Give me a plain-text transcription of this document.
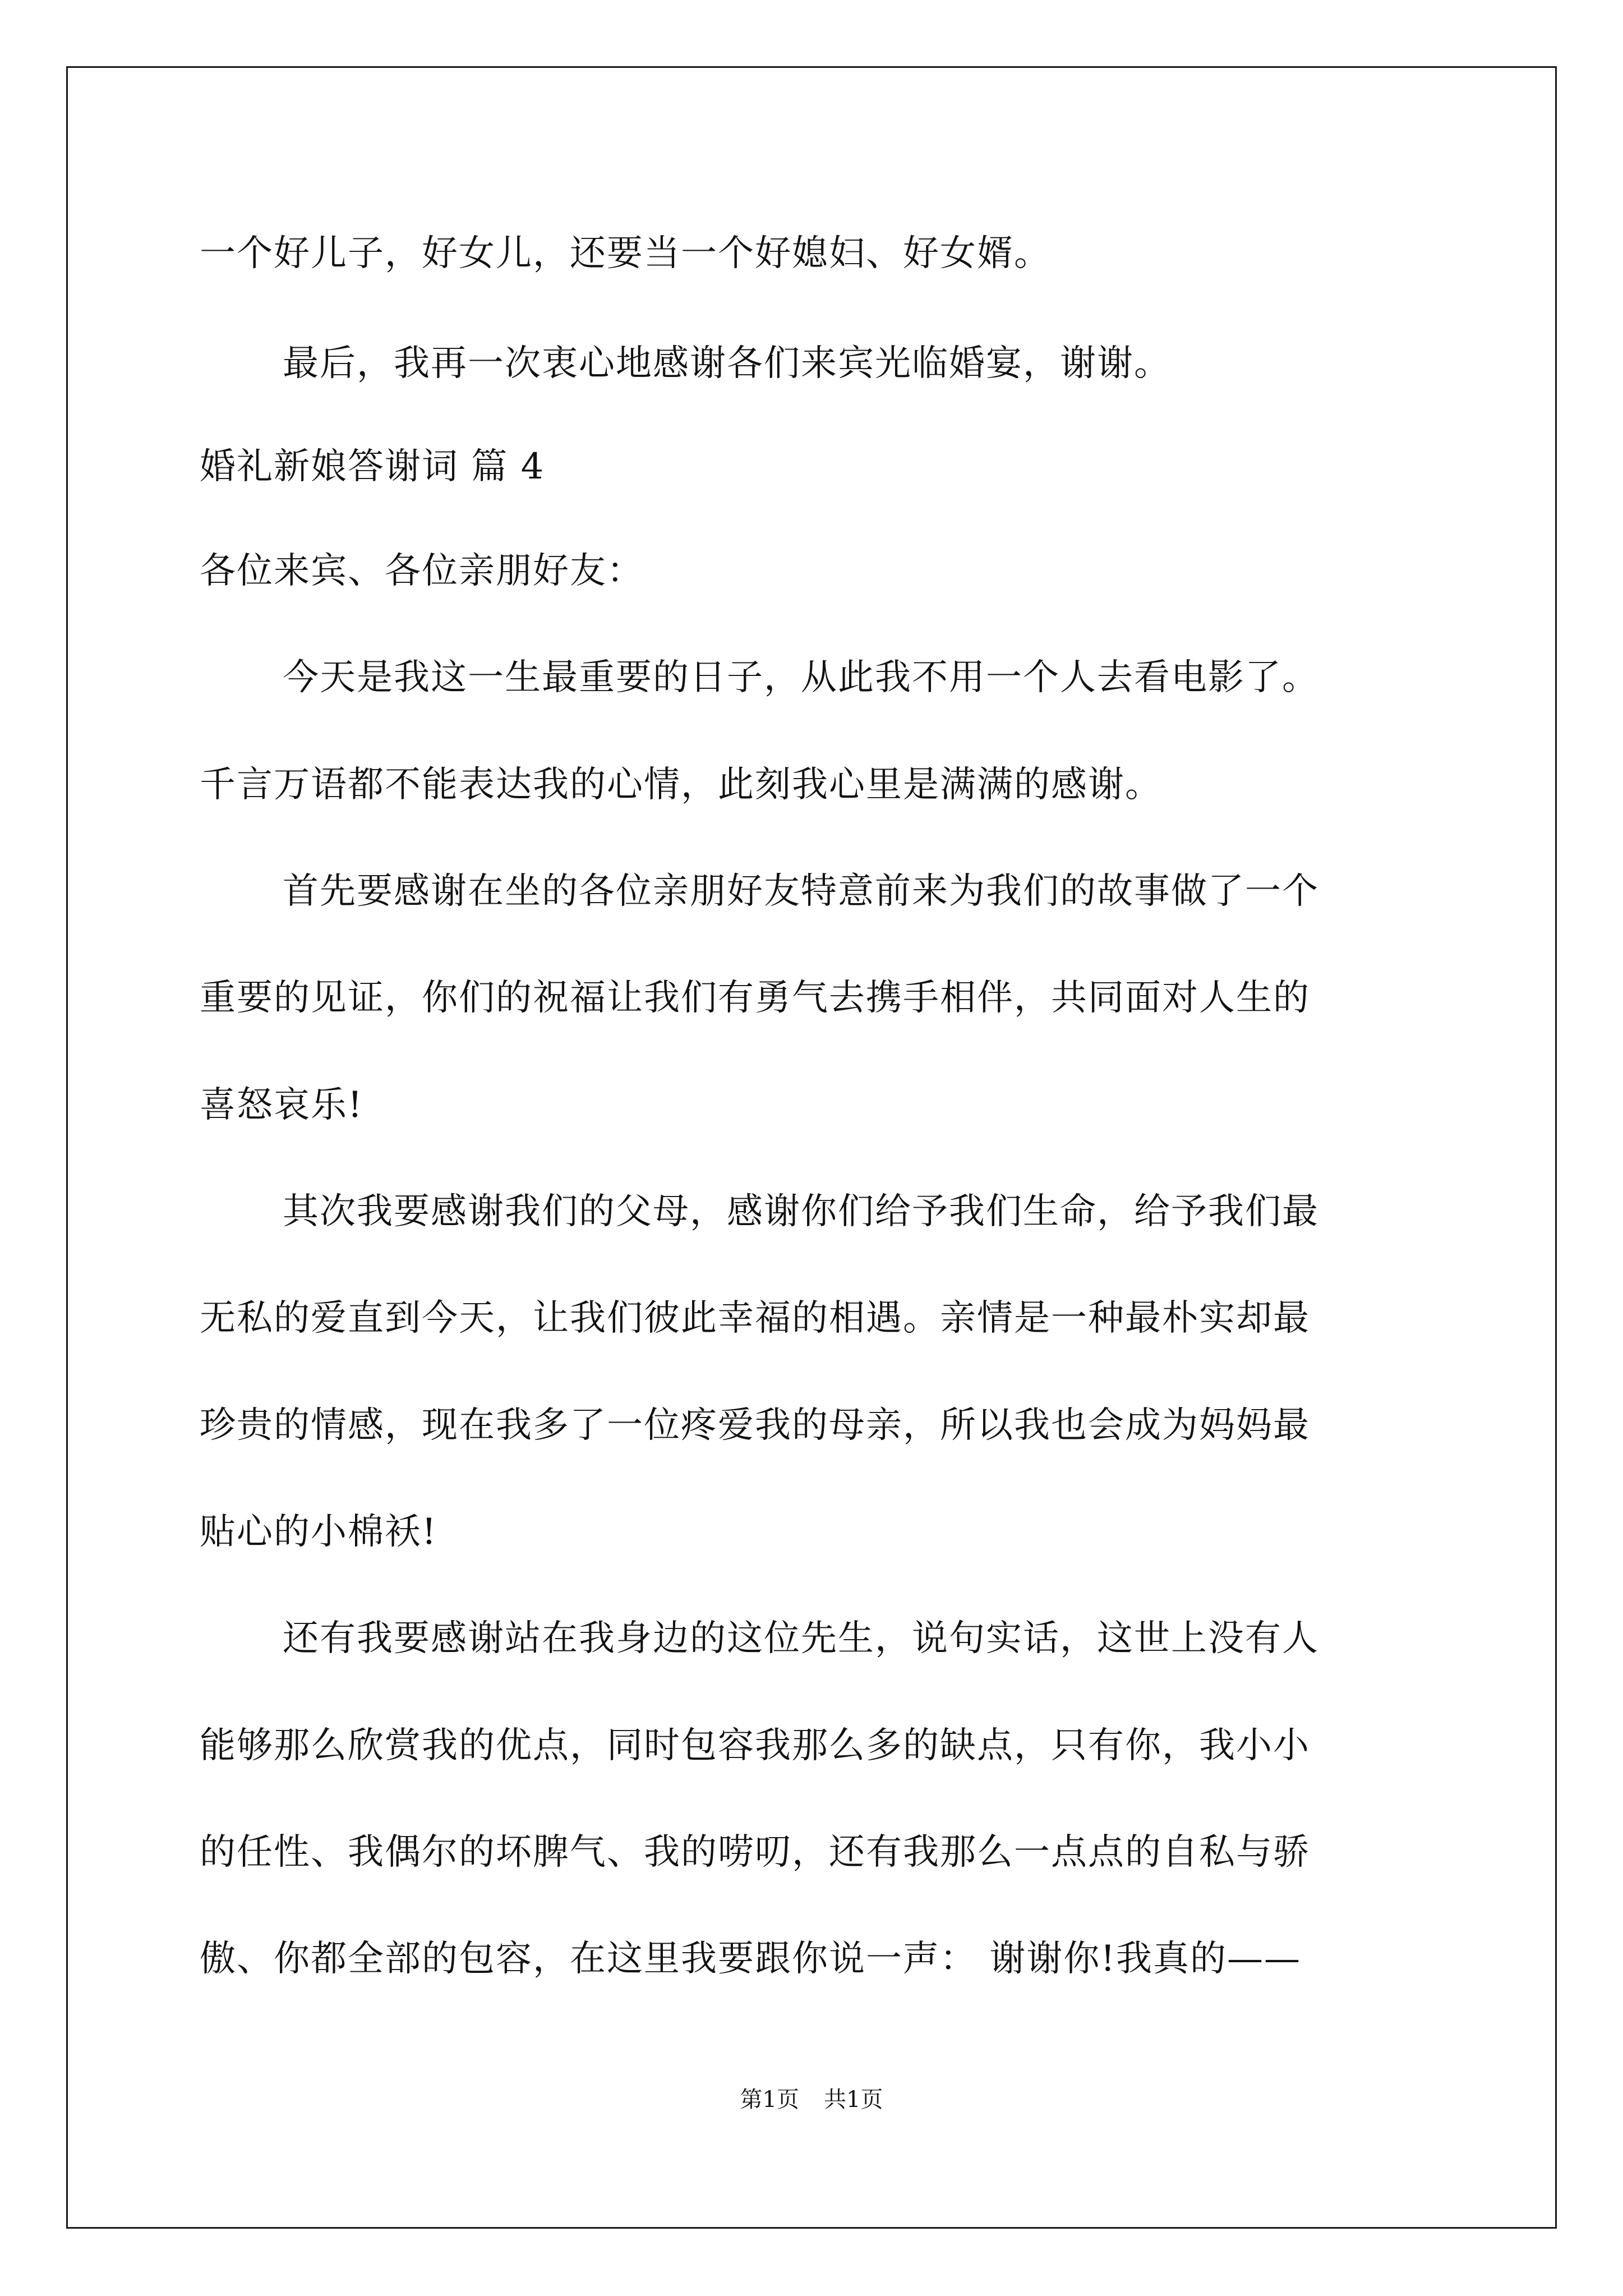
一个好儿子，好女儿，还要当一个好媳妇、好女婿。
最后，我再一次衷心地感谢各们来宾光临婚宴，谢谢。
婚礼新娘答谢词 篇 4
各位来宾、各位亲朋好友：
今天是我这一生最重要的日子，从此我不用一个人去看电影了。
千言万语都不能表达我的心情，此刻我心里是满满的感谢。
首先要感谢在坐的各位亲朋好友特意前来为我们的故事做了一个
重要的见证，你们的祝福让我们有勇气去携手相伴，共同面对人生的
喜怒哀乐!
其次我要感谢我们的父母，感谢你们给予我们生命，给予我们最
无私的爱直到今天，让我们彼此幸福的相遇。亲情是一种最朴实却最
珍贵的情感，现在我多了一位疼爱我的母亲，所以我也会成为妈妈最
贴心的小棉袄!
还有我要感谢站在我身边的这位先生，说句实话，这世上没有人
能够那么欣赏我的优点，同时包容我那么多的缺点，只有你，我小小
的任性、我偶尔的坏脾气、我的唠叨，还有我那么一点点的自私与骄
傲、你都全部的包容，在这里我要跟你说一声： 谢谢你!我真的——
第1页 共1页
